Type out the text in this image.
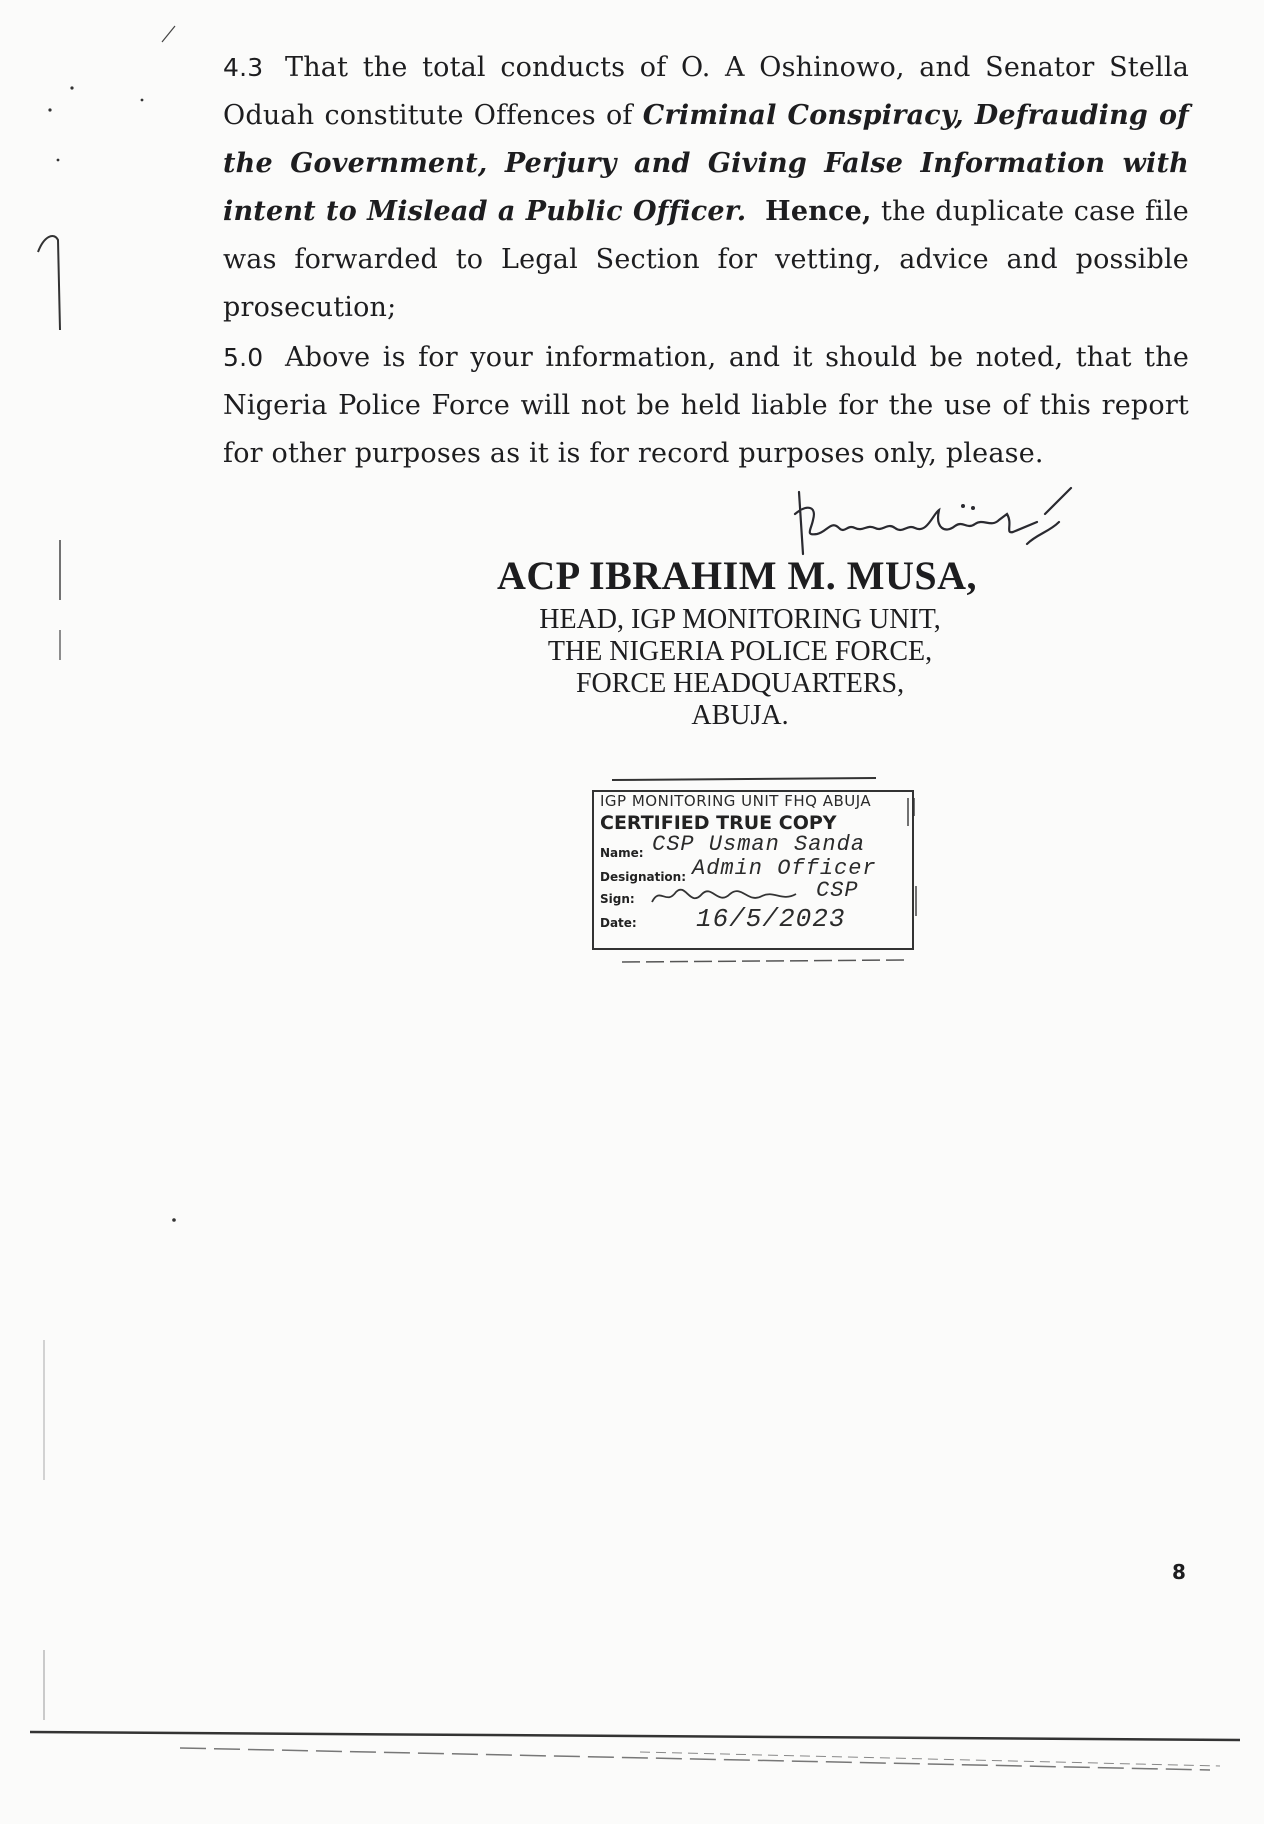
4.3 That the total conducts of O. A Oshinowo, and Senator Stella Oduah constitute Offences of Criminal Conspiracy, Defrauding of the Government, Perjury and Giving False Information with intent to Mislead a Public Officer. Hence, the duplicate case file was forwarded to Legal Section for vetting, advice and possible prosecution;
5.0 Above is for your information, and it should be noted, that the Nigeria Police Force will not be held liable for the use of this report for other purposes as it is for record purposes only, please.
ACP IBRAHIM M. MUSA,
HEAD, IGP MONITORING UNIT,
THE NIGERIA POLICE FORCE,
FORCE HEADQUARTERS,
ABUJA.
IGP MONITORING UNIT FHQ ABUJA
CERTIFIED TRUE COPY
Name: CSP Usman Sanda
Designation: Admin Officer
Sign:	CSP
Date: 16/5/2023
8
